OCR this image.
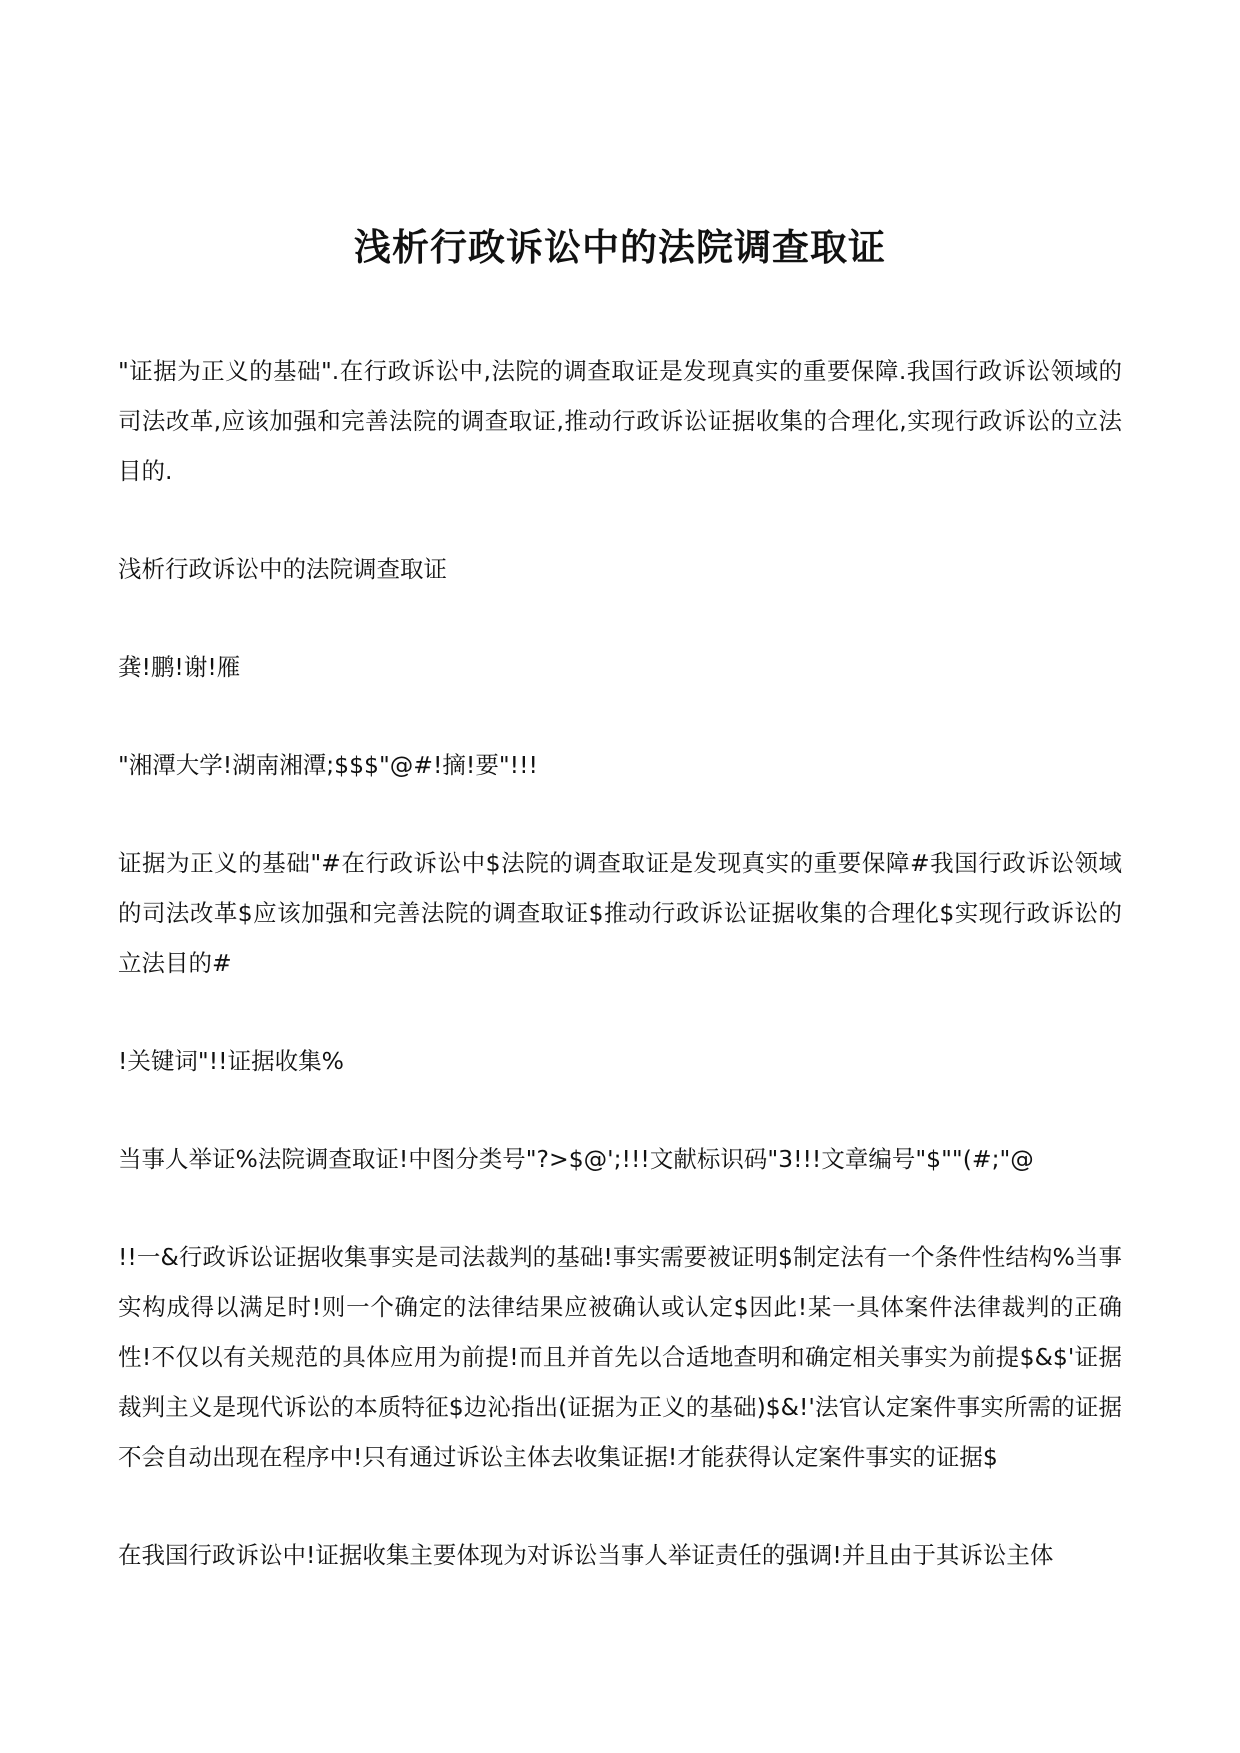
浅析行政诉讼中的法院调查取证

"证据为正义的基础".在行政诉讼中,法院的调查取证是发现真实的重要保障.我国行政诉讼领域的司法改革,应该加强和完善法院的调查取证,推动行政诉讼证据收集的合理化,实现行政诉讼的立法目的.

浅析行政诉讼中的法院调查取证

龚!鹏!谢!雁

"湘潭大学!湖南湘潭;$$$"@#!摘!要"!!!

证据为正义的基础"#在行政诉讼中$法院的调查取证是发现真实的重要保障#我国行政诉讼领域的司法改革$应该加强和完善法院的调查取证$推动行政诉讼证据收集的合理化$实现行政诉讼的立法目的#

!关键词"!!证据收集%

当事人举证%法院调查取证!中图分类号"?>$@';!!!文献标识码"3!!!文章编号"$""(#;"@

!!一&行政诉讼证据收集事实是司法裁判的基础!事实需要被证明$制定法有一个条件性结构%当事实构成得以满足时!则一个确定的法律结果应被确认或认定$因此!某一具体案件法律裁判的正确性!不仅以有关规范的具体应用为前提!而且并首先以合适地查明和确定相关事实为前提$&$'证据裁判主义是现代诉讼的本质特征$边沁指出(证据为正义的基础)$&!'法官认定案件事实所需的证据不会自动出现在程序中!只有通过诉讼主体去收集证据!才能获得认定案件事实的证据$

在我国行政诉讼中!证据收集主要体现为对诉讼当事人举证责任的强调!并且由于其诉讼主体
